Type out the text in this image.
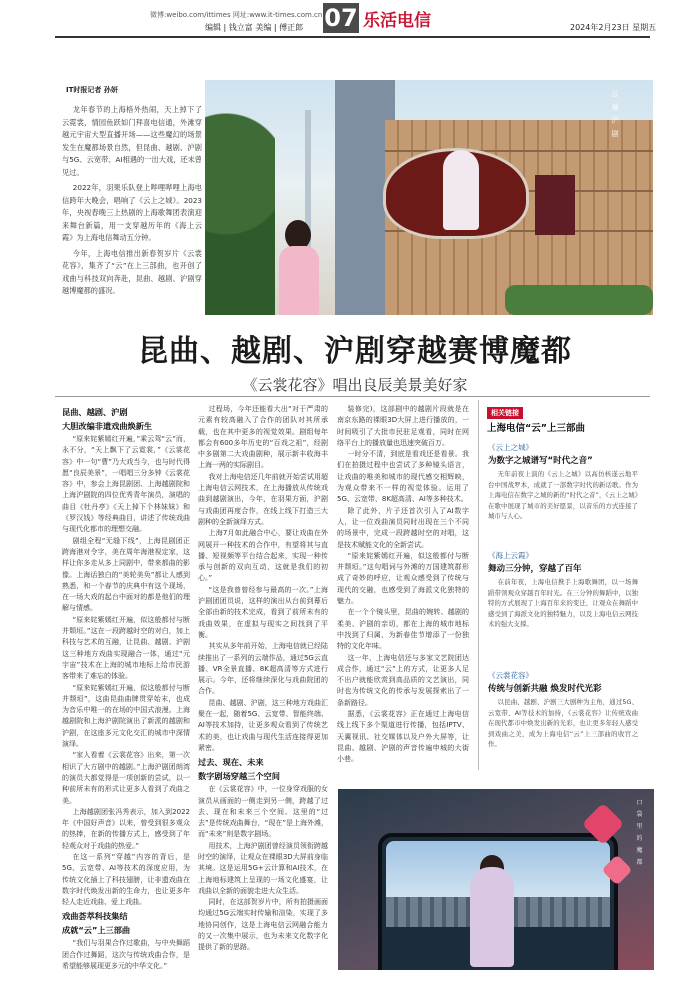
微博:weibo.com/ittimes 网址:www.it-times.com.cn
编辑 | 钱立富 美编 | 傅正郎 07 乐活电信	2024年2月23日 星期五
IT时报记者 孙妍

龙年春节的上海格外热闹，天上掉下了云霓裳，情园鱼跃如门拜喜电信通，外滩穿越元宇宙大型直播开场——这些魔幻的场景发生在魔都场景自然，但昆曲、越剧、沪剧与5G、云宽带、AI相遇的一出大戏，还未曾见过。

2022年，羽果乐队登上哔哩哔哩上海电信跨年大晚会，唱响了《云上之城》。2023年，央视春晚三上热剧的上海歌舞团表演迎来舞台新篇，用一支穿越历年的《海上云霞》为上海电信舞动五分钟。

今年，上海电信推出新春贺岁片《云裳花容》，集齐了“云”在上三部曲，也开创了戏曲与科技双向奔赴，昆曲、越剧、沪剧穿越博魔都的盛况。

云 端 沪 剧
昆曲、越剧、沪剧穿越赛博魔都
《云裳花容》唱出良辰美景美好家

昆曲、越剧、沪剧

大胆改编非遗戏曲焕新生

“原来姹紫嫣红开遍，”乘云驾“云”而，永不分，“天上飘下了云霓裳，”《云裳花容》中一句“曹”乃大戏当今，也与时代得愿“良辰美景”，一唱唱三分多钟《云裳花容》中，参会上海昆剧团、上海越剧院和上海沪剧院的四位优秀青年演员，演唱的曲目《牡丹亭》《天上掉下个林妹妹》和《罗汉钱》等经典曲目，讲述了传统戏曲与现代化都市的理想交融。

剧组全程“无缝下线”，上海昆剧团正跨海港对令字，美在周年海港视定家，这样让你多走从多上同剧中，带来都曲的影像。上海话独白的“美轮美奂”都让人感到熟悉，和一个春节的庆典中有这个现场，在一场大戏的起台中面对的都是他们的理解与情感。

“原来姹紫嫣红开遍，似这般都付与断井颓垣。”这在一段跨越时空的对白，加上科技与艺术的互融，让昆曲、越剧、沪剧这三种地方戏曲实现融合一体，通过“元宇宙”技术在上海的城市地标上给市民游客带来了难忘的体验。

“原来姹紫嫣红开遍，似这般都付与断井颓垣”，这曲昆曲曲牌贯穿始末，也成为音乐中唯一的在场的中国式浪漫。上海越剧院和上海沪剧院演出了新派的越剧和沪剧，在这座多元文化交汇的城市中深情演绎。

“家人看着《云裳花容》出来，第一次相识了大方剧中的越剧。”上海沪剧团朗湾的演员大都觉得是一项创新的尝试，以一种前所未有的形式让更多人看到了戏曲之美。

上海越剧团张冯秀表示，加入到2022年《中国好声音》以来，曾受到很多观众的热捧，在新的传播方式上，感受到了年轻观众对于戏曲的热爱。”

在这一系列“穿越”内容的背后，是5G、云宽带、AI等技术的深度应用，为传统文化插上了科技翅膀，让非遗戏曲在数字时代焕发出新的生命力，也让更多年轻人走近戏曲、爱上戏曲。

戏曲荟萃科技集结

成就“云”上三部曲

“我们与羽果合作过歌曲，与中央舞蹈团合作过舞蹈，这次与传统戏曲合作，是希望能够展现更多元的中华文化。”

过程场，今年还能看大出“对于严肃的元素有较高融入了合作的团队对其所承载，也在其中更多的视觉效果。剧组每年都会有600多年历史的“百戏之祖”，经剧中多剧第二大戏曲剧种，展示新丰收海丰上海一两的实际剧目。

我对上海电信还几年前就开始尝试用超上海电信云网技术，在上海播放从传统戏曲到越剧演出，今年，在羽果方面，沪剧与戏曲团再度合作，在线上线下打造三大剧种的全新演绎方式。

上海7月如此融合中心，要让戏曲在外网展开一种技术的合作中，有望将其与直播、短视频等平台结合起来，实现一种传承与创新的双向互动，这就是我们的初心。”

“这是我曾曾经参与最高的一次。”上海沪剧团团员说，这样的演出从台前到幕后全部由新的技术完成，看到了前所未有的戏曲效果，在虚拟与现实之间找到了平衡。

其实从多年前开始，上海电信就已经陆续推出了一系列的云端作品，通过5G云直播、VR全景直播、8K超高清等方式进行展示。今年，还将继续深化与戏曲院团的合作。

昆曲、越剧、沪剧，这三种地方戏曲汇聚在一起，随着5G、云宽带、智能终端、AI等技术加持，让更多观众看到了传统艺术的美，也让戏曲与现代生活连接得更加紧密。

过去、现在、未来

数字剧场穿越三个空间

在《云裳花容》中，一位身穿戏服的女演员从画面的一侧走到另一侧，跨越了过去、现在和未来三个空间。这里的“过去”是传统戏曲舞台，“现在”是上海外滩，而“未来”则是数字剧场。

用技术，上海沪剧团曾经演员领衔跨越时空的演绎，让观众在裸眼3D大屏前身临其境。这是运用5G+云计算和AI技术，在上海地标建筑上呈现的一场文化盛宴，让戏曲以全新的面貌走进大众生活。

同时，在这部贺岁片中，所有拍摄画面均通过5G云端实时传输和渲染，实现了多地协同创作，这是上海电信云网融合能力的又一次集中展示，也为未来文化数字化提供了新的思路。

装修完)，这部剧中的越剧片段就是在南京东路的裸眼3D大屏上进行播放的，一时间吸引了大批市民驻足观看，同时在网络平台上的播放量也迅速突破百万。

一时分不清，到底是看戏还是看景。我们在拍摄过程中也尝试了多种镜头语言，让戏曲的唯美和城市的现代感交相辉映，为观众带来不一样的视觉体验。运用了5G、云宽带、8K超高清、AI等多种技术。

除了此外，片子还首次引入了AI数字人，让一位戏曲演员同时出现在三个不同的场景中，完成一段跨越时空的对唱，这是技术赋能文化的全新尝试。

“原来姹紫嫣红开遍，似这般都付与断井颓垣。”这句唱词与外滩的万国建筑群形成了奇妙的呼应，让观众感受到了传统与现代的交融，也感受到了海派文化独特的魅力。

在一个个镜头里，昆曲的婉转、越剧的柔美、沪剧的亲切，都在上海的城市地标中找到了归属，为新春佳节增添了一份独特的文化年味。

这一年，上海电信还与多家文艺院团达成合作，通过“云”上的方式，让更多人足不出户就能欣赏到高品质的文艺演出，同时也为传统文化的传承与发展探索出了一条新路径。

据悉，《云裳花容》正在通过上海电信线上线下多个渠道进行传播，包括IPTV、天翼视讯、社交媒体以及户外大屏等，让昆曲、越剧、沪剧的声音传遍申城的大街小巷。

相关链接
上海电信“云”上三部曲

《云上之城》

为数字之城谱写“时代之音”

无年前夜上演的《云上之城》以高仿核遂云地平台中国战罗本，成就了一部数字时代的新话歌。作为上海电信在数字之城的新的“时代之音”，《云上之城》在歌中展现了城市的美好愿景，以音乐的方式连接了城市与人心。

《海上云霞》

舞动三分钟，穿越了百年

在前年夜，上海电信携手上海歌舞团，以一场舞蹈带领观众穿越百年时光。在三分钟的舞蹈中，以独特的方式展现了上海百年来的变迁，让观众在舞蹈中感受到了海派文化的独特魅力，以及上海电信云网技术的强大支撑。

《云裳花容》

传统与创新共融 焕发时代光彩

以昆曲、越剧、沪剧三大剧种为主角，通过5G、云宽带、AI等技术的加持，《云裳花容》让传统戏曲在现代都市中焕发出新的光彩，也让更多年轻人感受到戏曲之美，成为上海电信“云”上三部曲的收官之作。

口 袋 里 的 魔 都
